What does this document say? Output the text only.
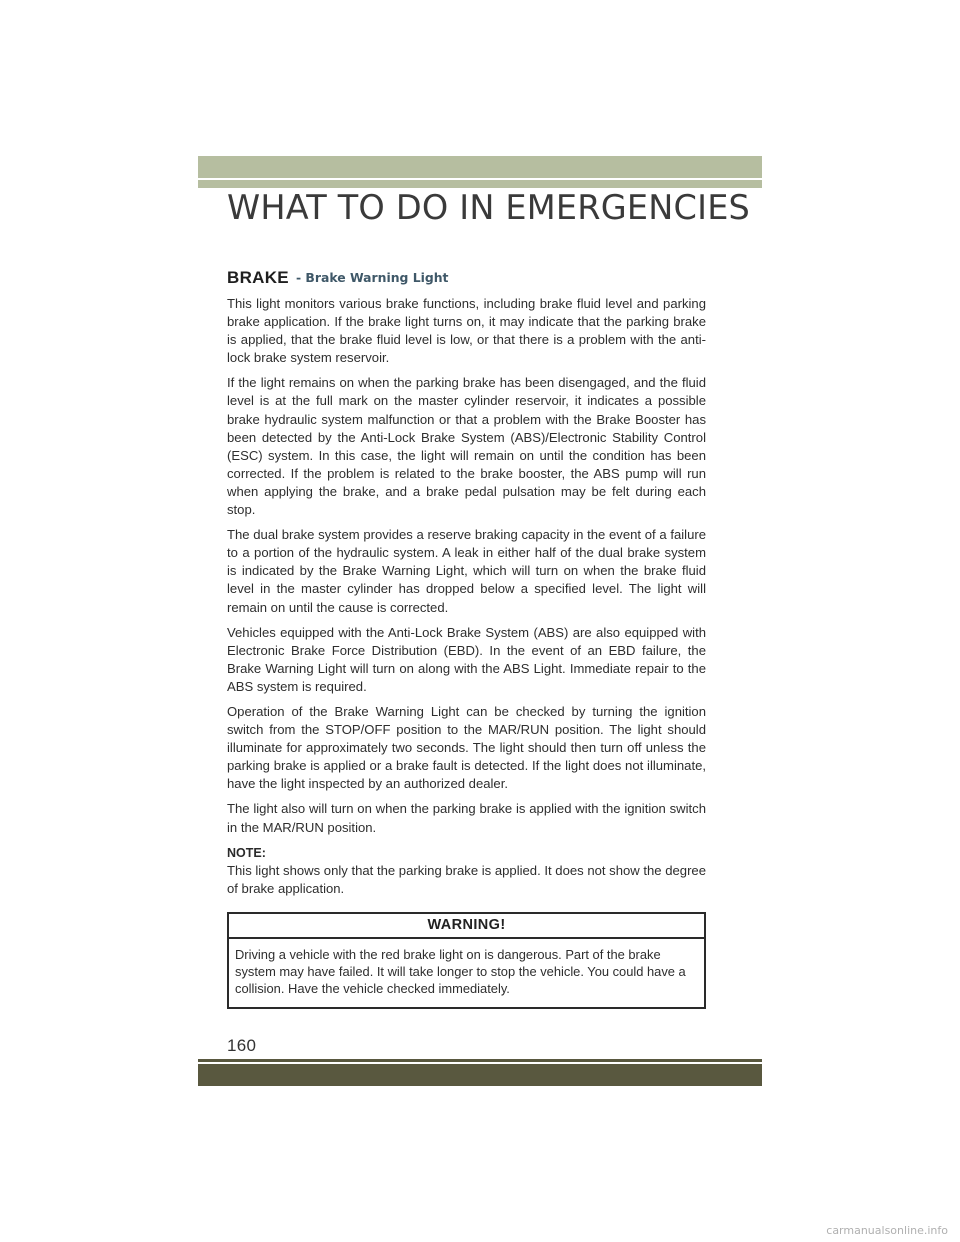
WHAT TO DO IN EMERGENCIES
BRAKE - Brake Warning Light

This light monitors various brake functions, including brake fluid level and parking brake application. If the brake light turns on, it may indicate that the parking brake is applied, that the brake fluid level is low, or that there is a problem with the anti-lock brake system reservoir.

If the light remains on when the parking brake has been disengaged, and the fluid level is at the full mark on the master cylinder reservoir, it indicates a possible brake hydraulic system malfunction or that a problem with the Brake Booster has been detected by the Anti-Lock Brake System (ABS)/Electronic Stability Control (ESC) system. In this case, the light will remain on until the condition has been corrected. If the problem is related to the brake booster, the ABS pump will run when applying the brake, and a brake pedal pulsation may be felt during each stop.

The dual brake system provides a reserve braking capacity in the event of a failure to a portion of the hydraulic system. A leak in either half of the dual brake system is indicated by the Brake Warning Light, which will turn on when the brake fluid level in the master cylinder has dropped below a specified level. The light will remain on until the cause is corrected.

Vehicles equipped with the Anti-Lock Brake System (ABS) are also equipped with Electronic Brake Force Distribution (EBD). In the event of an EBD failure, the Brake Warning Light will turn on along with the ABS Light. Immediate repair to the ABS system is required.

Operation of the Brake Warning Light can be checked by turning the ignition switch from the STOP/OFF position to the MAR/RUN position. The light should illuminate for approximately two seconds. The light should then turn off unless the parking brake is applied or a brake fault is detected. If the light does not illuminate, have the light inspected by an authorized dealer.

The light also will turn on when the parking brake is applied with the ignition switch in the MAR/RUN position.

NOTE:

This light shows only that the parking brake is applied. It does not show the degree of brake application.

WARNING!
Driving a vehicle with the red brake light on is dangerous. Part of the brake system may have failed. It will take longer to stop the vehicle. You could have a collision. Have the vehicle checked immediately.
160
carmanualsonline.info
